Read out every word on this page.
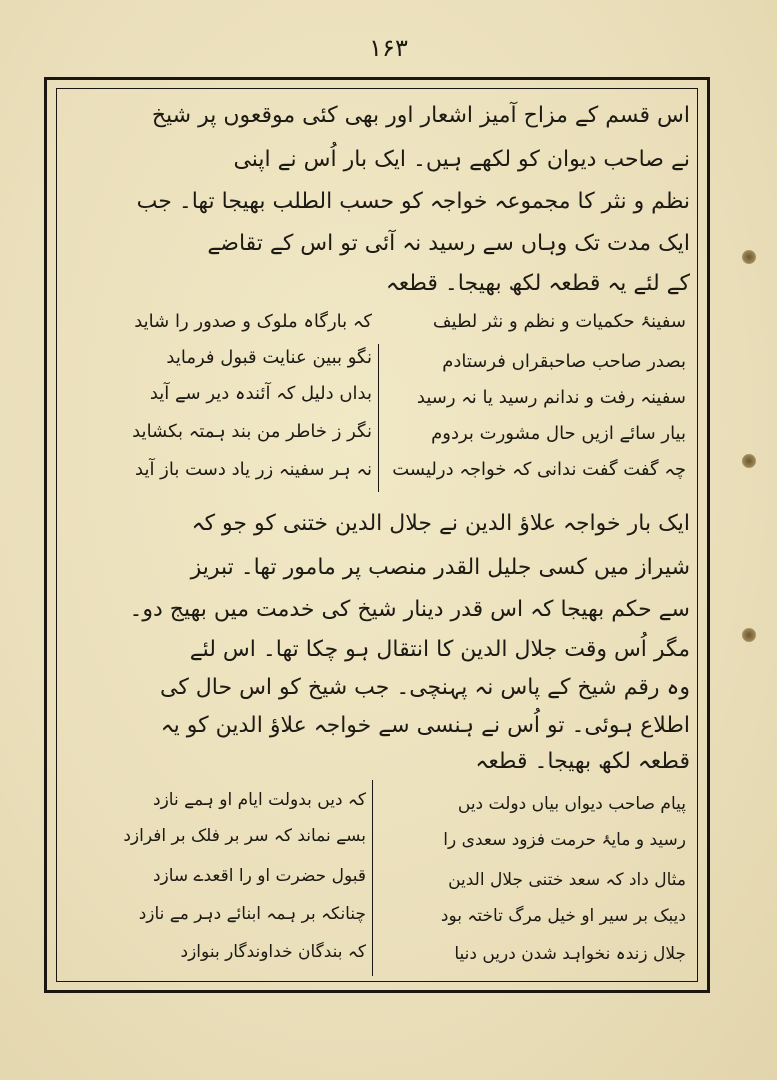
۱۶۳
اس قسم کے مزاح آمیز اشعار اور بھی کئی موقعوں پر شیخ
نے صاحب دیوان کو لکھے ہیں۔ ایک بار اُس نے اپنی
نظم و نثر کا مجموعہ خواجہ کو حسب الطلب بھیجا تھا۔ جب
ایک مدت تک وہاں سے رسید نہ آئی تو اس کے تقاضے
کے لئے یہ قطعہ لکھ بھیجا۔ قطعہ
سفینۂ حکمیات و نظم و نثر لطیف
کہ بارگاہ ملوک و صدور را شاید
بصدر صاحب صاحبقراں فرستادم
سفینہ رفت و ندانم رسید یا نہ رسید
بیار سائے ازیں حال مشورت بردوم
چہ گفت گفت ندانی کہ خواجہ درلیست
نگو ببین عنایت قبول فرماید
بداں دلیل کہ آئندہ دیر سے آید
نگر ز خاطر من بند ہمتہ بکشاید
نہ ہر سفینہ زر یاد دست باز آید
ایک بار خواجہ علاؤ الدین نے جلال الدین ختنی کو جو کہ
شیراز میں کسی جلیل القدر منصب پر مامور تھا۔ تبریز
سے حکم بھیجا کہ اس قدر دینار شیخ کی خدمت میں بھیج دو۔
مگر اُس وقت جلال الدین کا انتقال ہو چکا تھا۔ اس لئے
وہ رقم شیخ کے پاس نہ پہنچی۔ جب شیخ کو اس حال کی
اطلاع ہوئی۔ تو اُس نے ہنسی سے خواجہ علاؤ الدین کو یہ
قطعہ لکھ بھیجا۔ قطعہ
پیام صاحب دیواں بیاں دولت دیں
رسید و مایۂ حرمت فزود سعدی را
مثال داد کہ سعد ختنی جلال الدین
دیبک بر سیر او خیل مرگ تاختہ بود
جلال زندہ نخواہد شدن دریں دنیا
کہ دیں بدولت ایام او ہمے نازد
بسے نماند کہ سر بر فلک بر افرازد
قبول حضرت او را اقعدے سازد
چنانکہ بر ہمہ ابنائے دہر مے نازد
کہ بندگان خداوندگار بنوازد
